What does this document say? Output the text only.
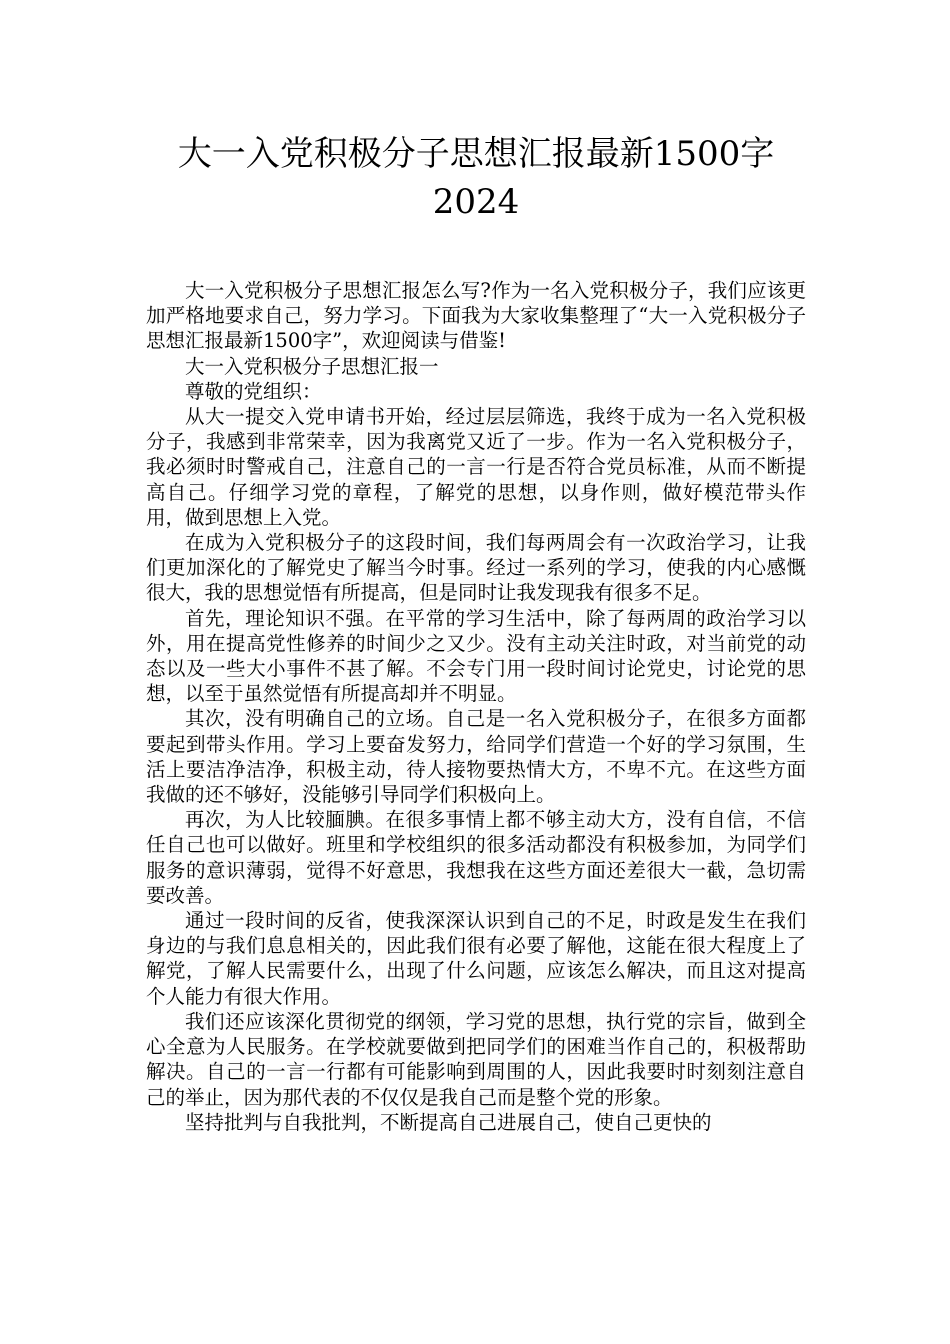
大一入党积极分子思想汇报最新1500字
2024

大一入党积极分子思想汇报怎么写?作为一名入党积极分子，我们应该更加严格地要求自己，努力学习。下面我为大家收集整理了“大一入党积极分子思想汇报最新1500字”，欢迎阅读与借鉴!

大一入党积极分子思想汇报一

尊敬的党组织：

从大一提交入党申请书开始，经过层层筛选，我终于成为一名入党积极分子，我感到非常荣幸，因为我离党又近了一步。作为一名入党积极分子，我必须时时警戒自己，注意自己的一言一行是否符合党员标准，从而不断提高自己。仔细学习党的章程，了解党的思想，以身作则，做好模范带头作用，做到思想上入党。

在成为入党积极分子的这段时间，我们每两周会有一次政治学习，让我们更加深化的了解党史了解当今时事。经过一系列的学习，使我的内心感慨很大，我的思想觉悟有所提高，但是同时让我发现我有很多不足。

首先，理论知识不强。在平常的学习生活中，除了每两周的政治学习以外，用在提高党性修养的时间少之又少。没有主动关注时政，对当前党的动态以及一些大小事件不甚了解。不会专门用一段时间讨论党史，讨论党的思想，以至于虽然觉悟有所提高却并不明显。

其次，没有明确自己的立场。自己是一名入党积极分子，在很多方面都要起到带头作用。学习上要奋发努力，给同学们营造一个好的学习氛围，生活上要洁净洁净，积极主动，待人接物要热情大方，不卑不亢。在这些方面我做的还不够好，没能够引导同学们积极向上。

再次，为人比较腼腆。在很多事情上都不够主动大方，没有自信，不信任自己也可以做好。班里和学校组织的很多活动都没有积极参加，为同学们服务的意识薄弱，觉得不好意思，我想我在这些方面还差很大一截，急切需要改善。

通过一段时间的反省，使我深深认识到自己的不足，时政是发生在我们身边的与我们息息相关的，因此我们很有必要了解他，这能在很大程度上了解党，了解人民需要什么，出现了什么问题，应该怎么解决，而且这对提高个人能力有很大作用。

我们还应该深化贯彻党的纲领，学习党的思想，执行党的宗旨，做到全心全意为人民服务。在学校就要做到把同学们的困难当作自己的，积极帮助解决。自己的一言一行都有可能影响到周围的人，因此我要时时刻刻注意自己的举止，因为那代表的不仅仅是我自己而是整个党的形象。

坚持批判与自我批判，不断提高自己进展自己，使自己更快的
